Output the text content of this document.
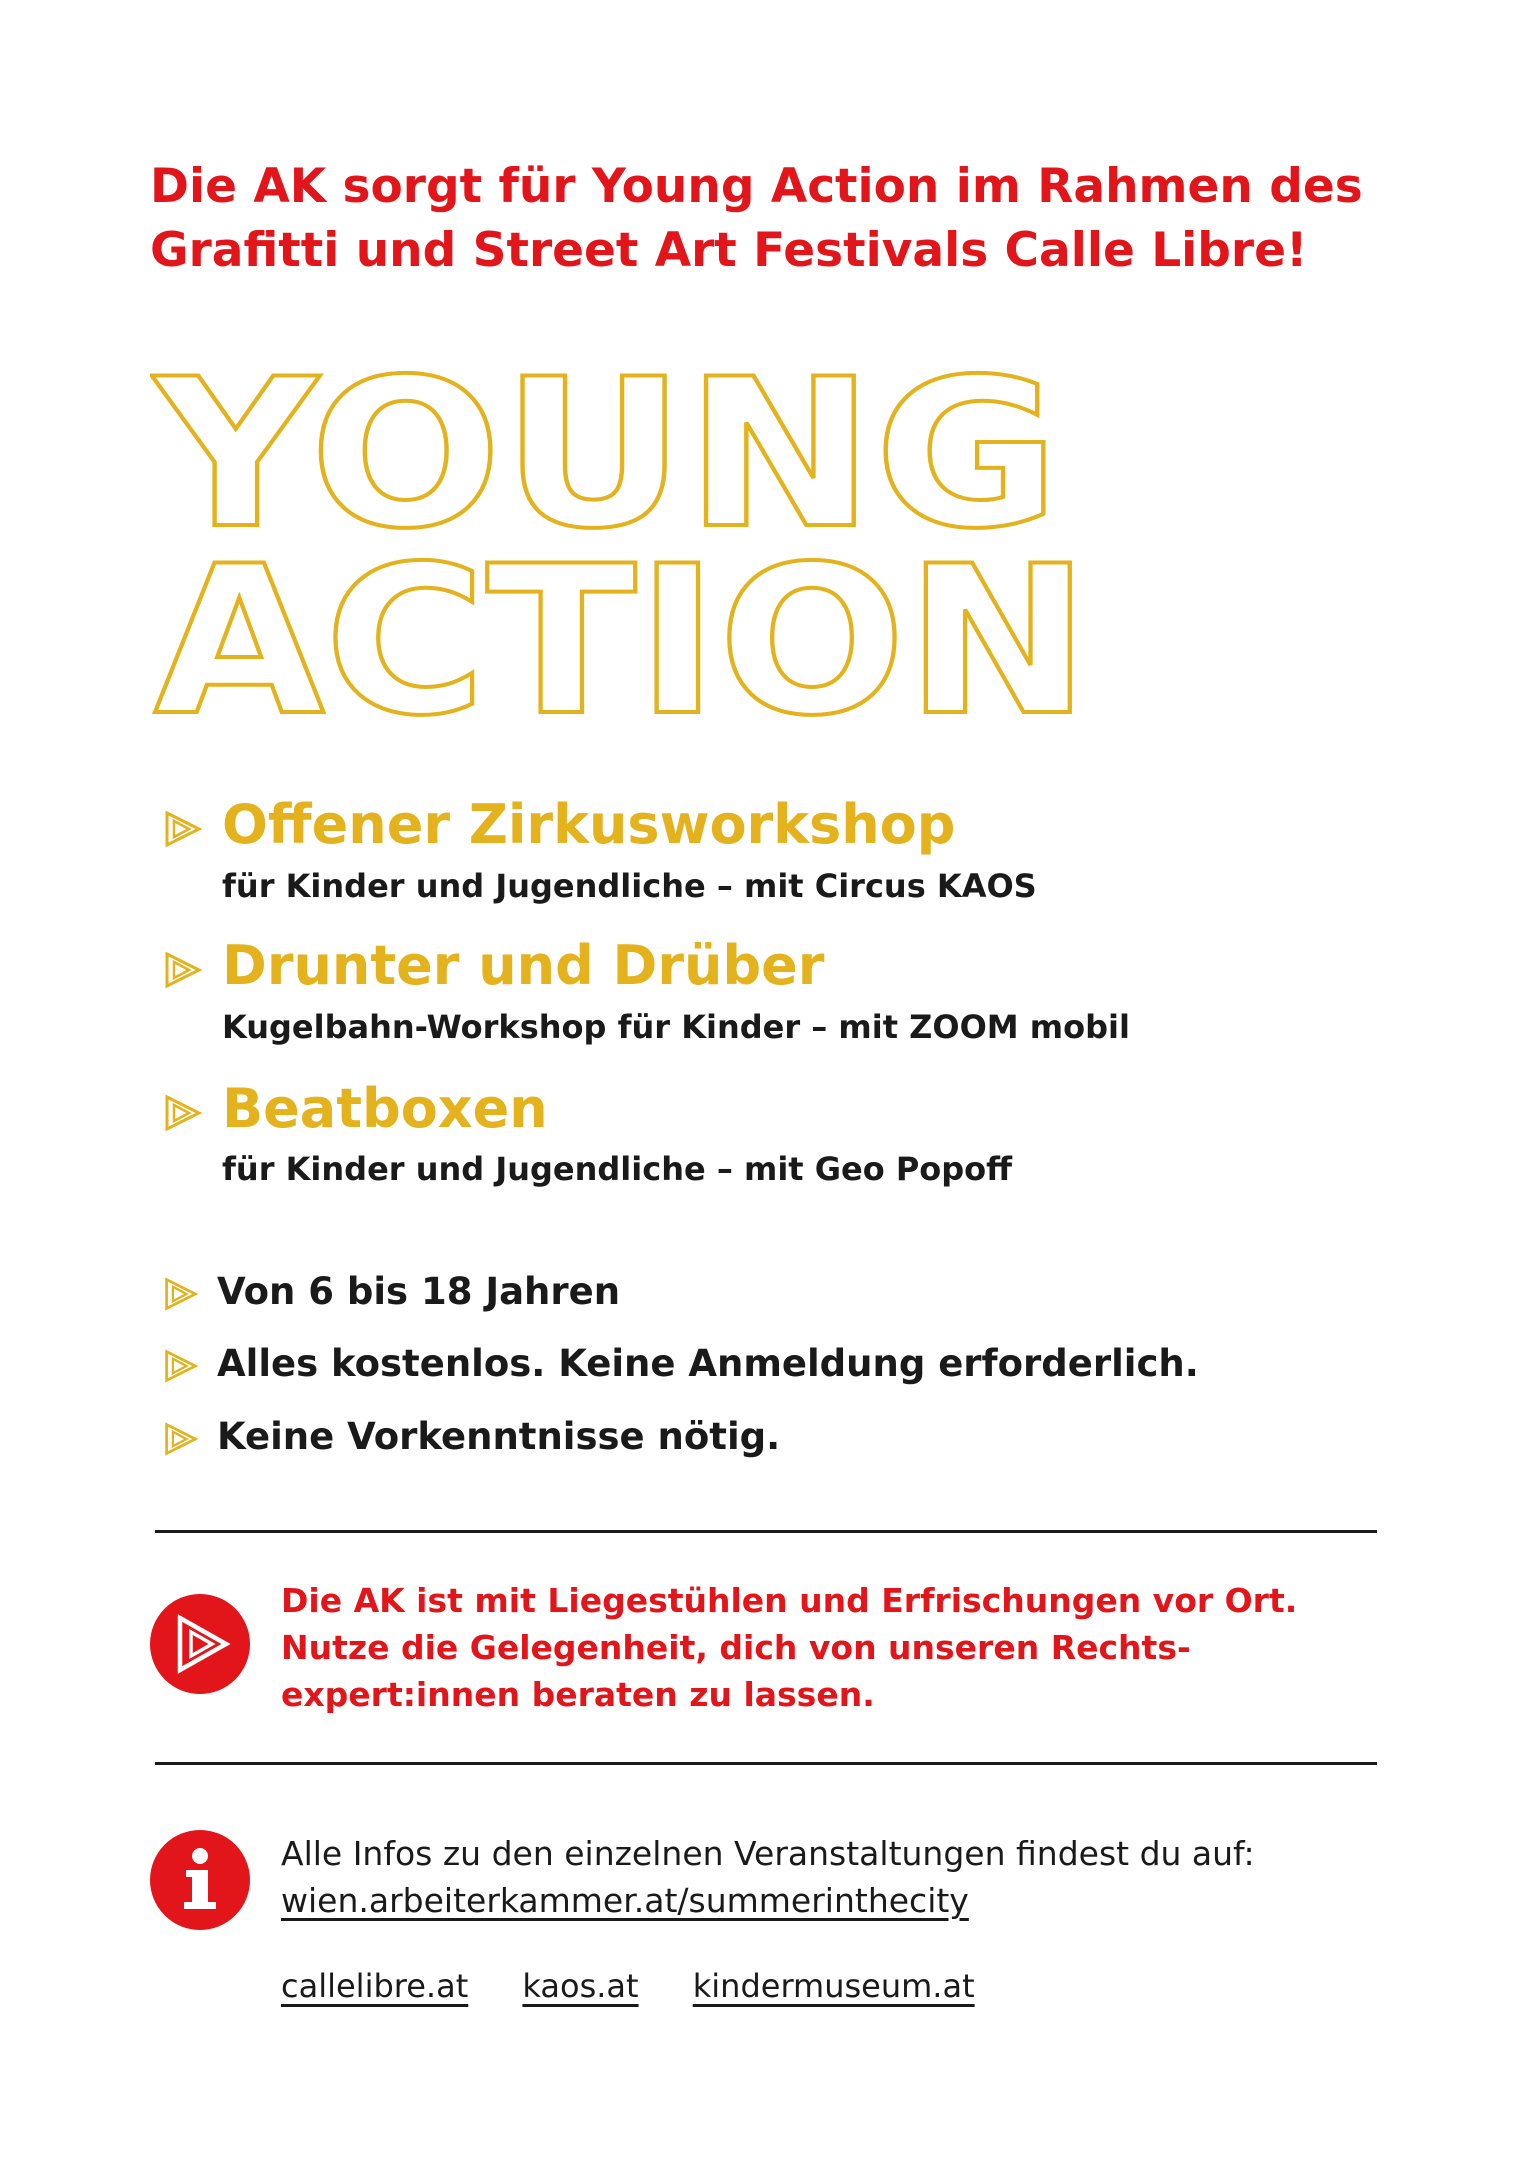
Die AK sorgt für Young Action im Rahmen des
Grafitti und Street Art Festivals Calle Libre!
YOUNG
ACTION
Offener Zirkusworkshop
für Kinder und Jugendliche – mit Circus KAOS
Drunter und Drüber
Kugelbahn-Workshop für Kinder – mit ZOOM mobil
Beatboxen
für Kinder und Jugendliche – mit Geo Popoff
Von 6 bis 18 Jahren
Alles kostenlos. Keine Anmeldung erforderlich.
Keine Vorkenntnisse nötig.
Die AK ist mit Liegestühlen und Erfrischungen vor Ort.
Nutze die Gelegenheit, dich von unseren Rechts-
expert:innen beraten zu lassen.
Alle Infos zu den einzelnen Veranstaltungen findest du auf:
wien.arbeiterkammer.at/summerinthecity
callelibre.at kaos.at kindermuseum.at
